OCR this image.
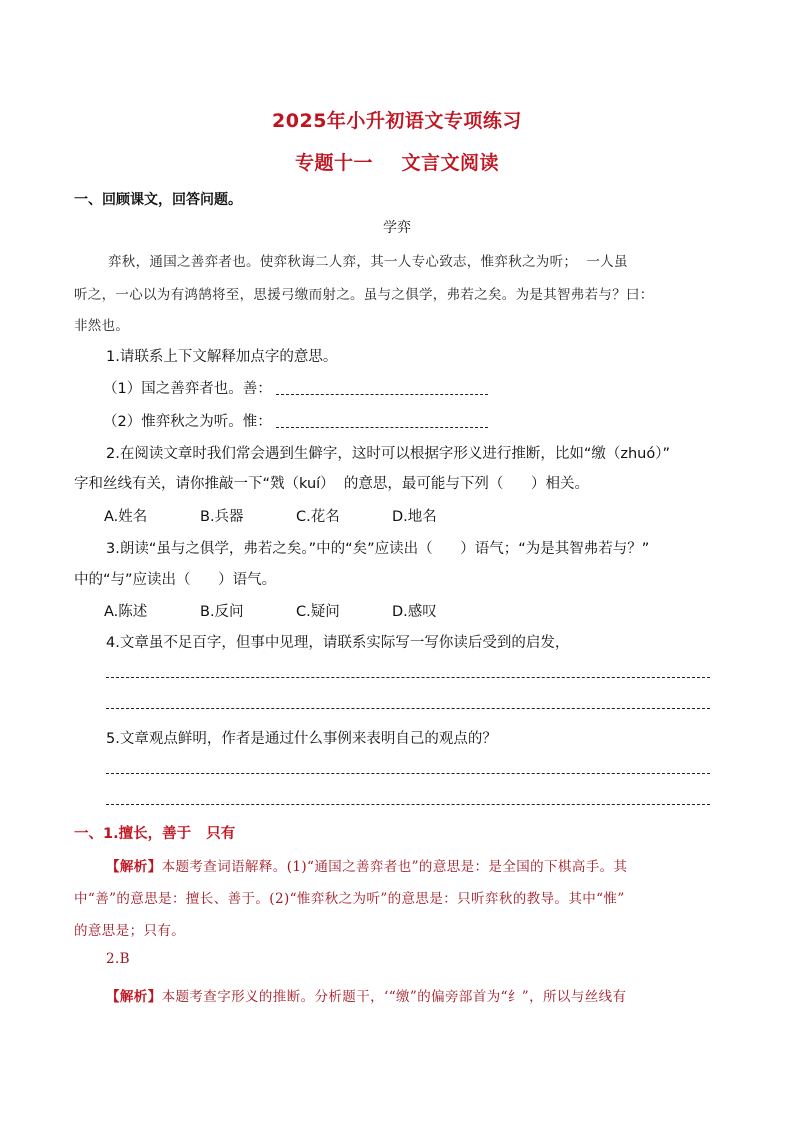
2025年小升初语文专项练习
专题十一    文言文阅读
一、回顾课文，回答问题。
学弈
弈秋，通国之善弈者也。使弈秋诲二人弈，其一人专心致志，惟弈秋之为听；  一人虽
听之，一心以为有鸿鹄将至，思援弓缴而射之。虽与之俱学，弗若之矣。为是其智弗若与？曰：
非然也。
1.请联系上下文解释加点字的意思。
（1）国之善弈者也。善：
（2）惟弈秋之为听。惟：
2.在阅读文章时我们常会遇到生僻字，这时可以根据字形义进行推断，比如“缴（zhuó）”
字和丝线有关，请你推敲一下“戣（kuí）  的意思，最可能与下列（      ）相关。
A.姓名	B.兵器	C.花名	D.地名
3.朗读“虽与之俱学，弗若之矣。”中的“矣”应读出（      ）语气；“为是其智弗若与？”
中的“与”应读出（      ）语气。
A.陈述	B.反问	C.疑问	D.感叹
4.文章虽不足百字，但事中见理，请联系实际写一写你读后受到的启发，
5.文章观点鲜明，作者是通过什么事例来表明自己的观点的？
一、1.擅长，善于   只有
【解析】本题考查词语解释。(1)“通国之善弈者也”的意思是：是全国的下棋高手。其
中“善”的意思是：擅长、善于。(2)“惟弈秋之为听”的意思是：只听弈秋的教导。其中“惟”
的意思是；只有。
2.B
【解析】本题考查字形义的推断。分析题干，‘“缴”的偏旁部首为“纟”，所以与丝线有
